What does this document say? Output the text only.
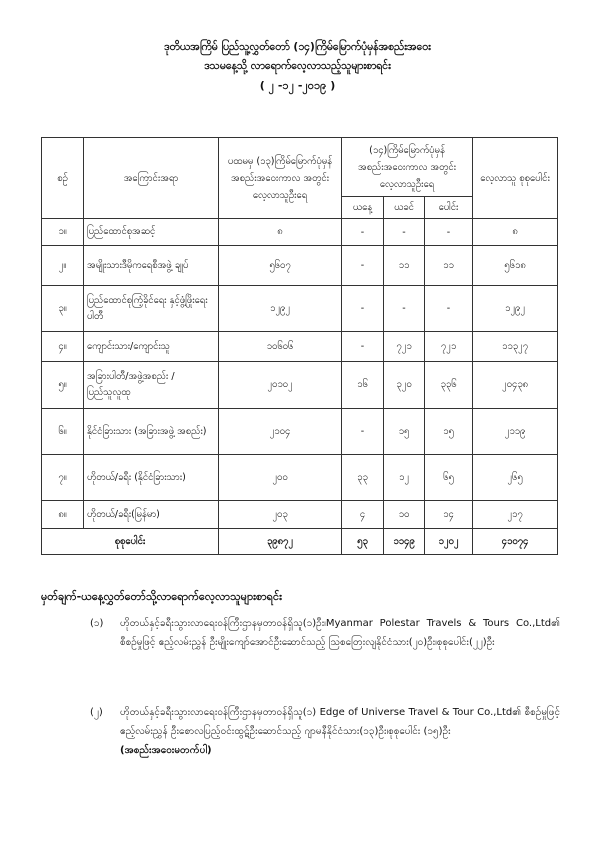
ဒုတိယအကြိမ် ပြည်သူ့လွှတ်တော် (၁၄)ကြိမ်မြောက်ပုံမှန်အစည်းအဝေး
ဒသမနေ့သို့ လာရောက်လေ့လာသည့်သူများစာရင်း
( ၂ -၁၂ -၂၀၁၉ )
စဉ်	အကြောင်းအရာ	ပထမမှ (၁၃)ကြိမ်မြောက်ပုံမှန် အစည်းအဝေးကာလ အတွင်းလေ့လာသူဦးရေ	(၁၄)ကြိမ်မြောက်ပုံမှန် အစည်းအဝေးကာလ အတွင်းလေ့လာသူဦးရေ			လေ့လာသူ စုစုပေါင်း
			ယနေ့	ယခင်	ပေါင်း	
၁။	ပြည်ထောင်စုအဆင့်	၈	-	-	-	၈
၂။	အမျိုးသားဒီမိုကရေစီအဖွဲ့ ချုပ်	၅၆၀၇	-	၁၁	၁၁	၅၆၁၈
၃။	ပြည်ထောင်စုကြံ့ခိုင်ရေး နှင့်ဖွံ့ဖြိုးရေးပါတီ	၁၂၉၂	-	-	-	၁၂၉၂
၄။	ကျောင်းသား/ကျောင်းသူ	၁၀၆၀၆	-	၇၂၁	၇၂၁	၁၁၃၂၇
၅။	အခြားပါတီ/အဖွဲ့အစည်း /ပြည်သူလူထု	၂၀၁၀၂	၁၆	၃၂၀	၃၃၆	၂၀၄၃၈
၆။	နိုင်ငံခြားသား (အခြားအဖွဲ့ အစည်း)	၂၁၀၄	-	၁၅	၁၅	၂၁၁၉
၇။	ဟိုတယ်/ခရီး (နိုင်ငံခြားသား)	၂၀၀	၃၃	၁၂	၆၅	၂၆၅
၈။	ဟိုတယ်/ခရီး(မြန်မာ)	၂၀၃	၄	၁၀	၁၄	၂၁၇
စုစုပေါင်း		၃၉၈၇၂	၅၃	၁၁၄၉	၁၂၀၂	၄၁၀၇၄
မှတ်ချက်-ယနေ့လွှတ်တော်သို့လာရောက်လေ့လာသူများစာရင်း
(၁) ဟိုတယ်နှင့်ခရီးသွားလာရေးဝန်ကြီးဌာနမှတာဝန်ရှိသူ(၁)ဦး၊Myanmar Polestar Travels & Tours Co.,Ltd၏ စီစဉ်မှုဖြင့် ဧည့်လမ်းညွှန် ဦးမျိုးကျော်အောင်ဦးဆောင်သည့် ဩစတြေးလျနိုင်ငံသား(၂၀)ဦး၊စုစုပေါင်း(၂၂)ဦး
(၂) ဟိုတယ်နှင့်ခရီးသွားလာရေးဝန်ကြီးဌာနမှတာဝန်ရှိသူ(၁) Edge of Universe Travel & Tour Co.,Ltd၏ စီစဉ်မှုဖြင့် ဧည့်လမ်းညွှန် ဦးစောလပြည့်ဝင်းထွဋ်ဦးဆောင်သည့် ဂျာမနီနိုင်ငံသား(၁၃)ဦး၊စုစုပေါင်း (၁၅)ဦး
(အစည်းအဝေးမတက်ပါ)
